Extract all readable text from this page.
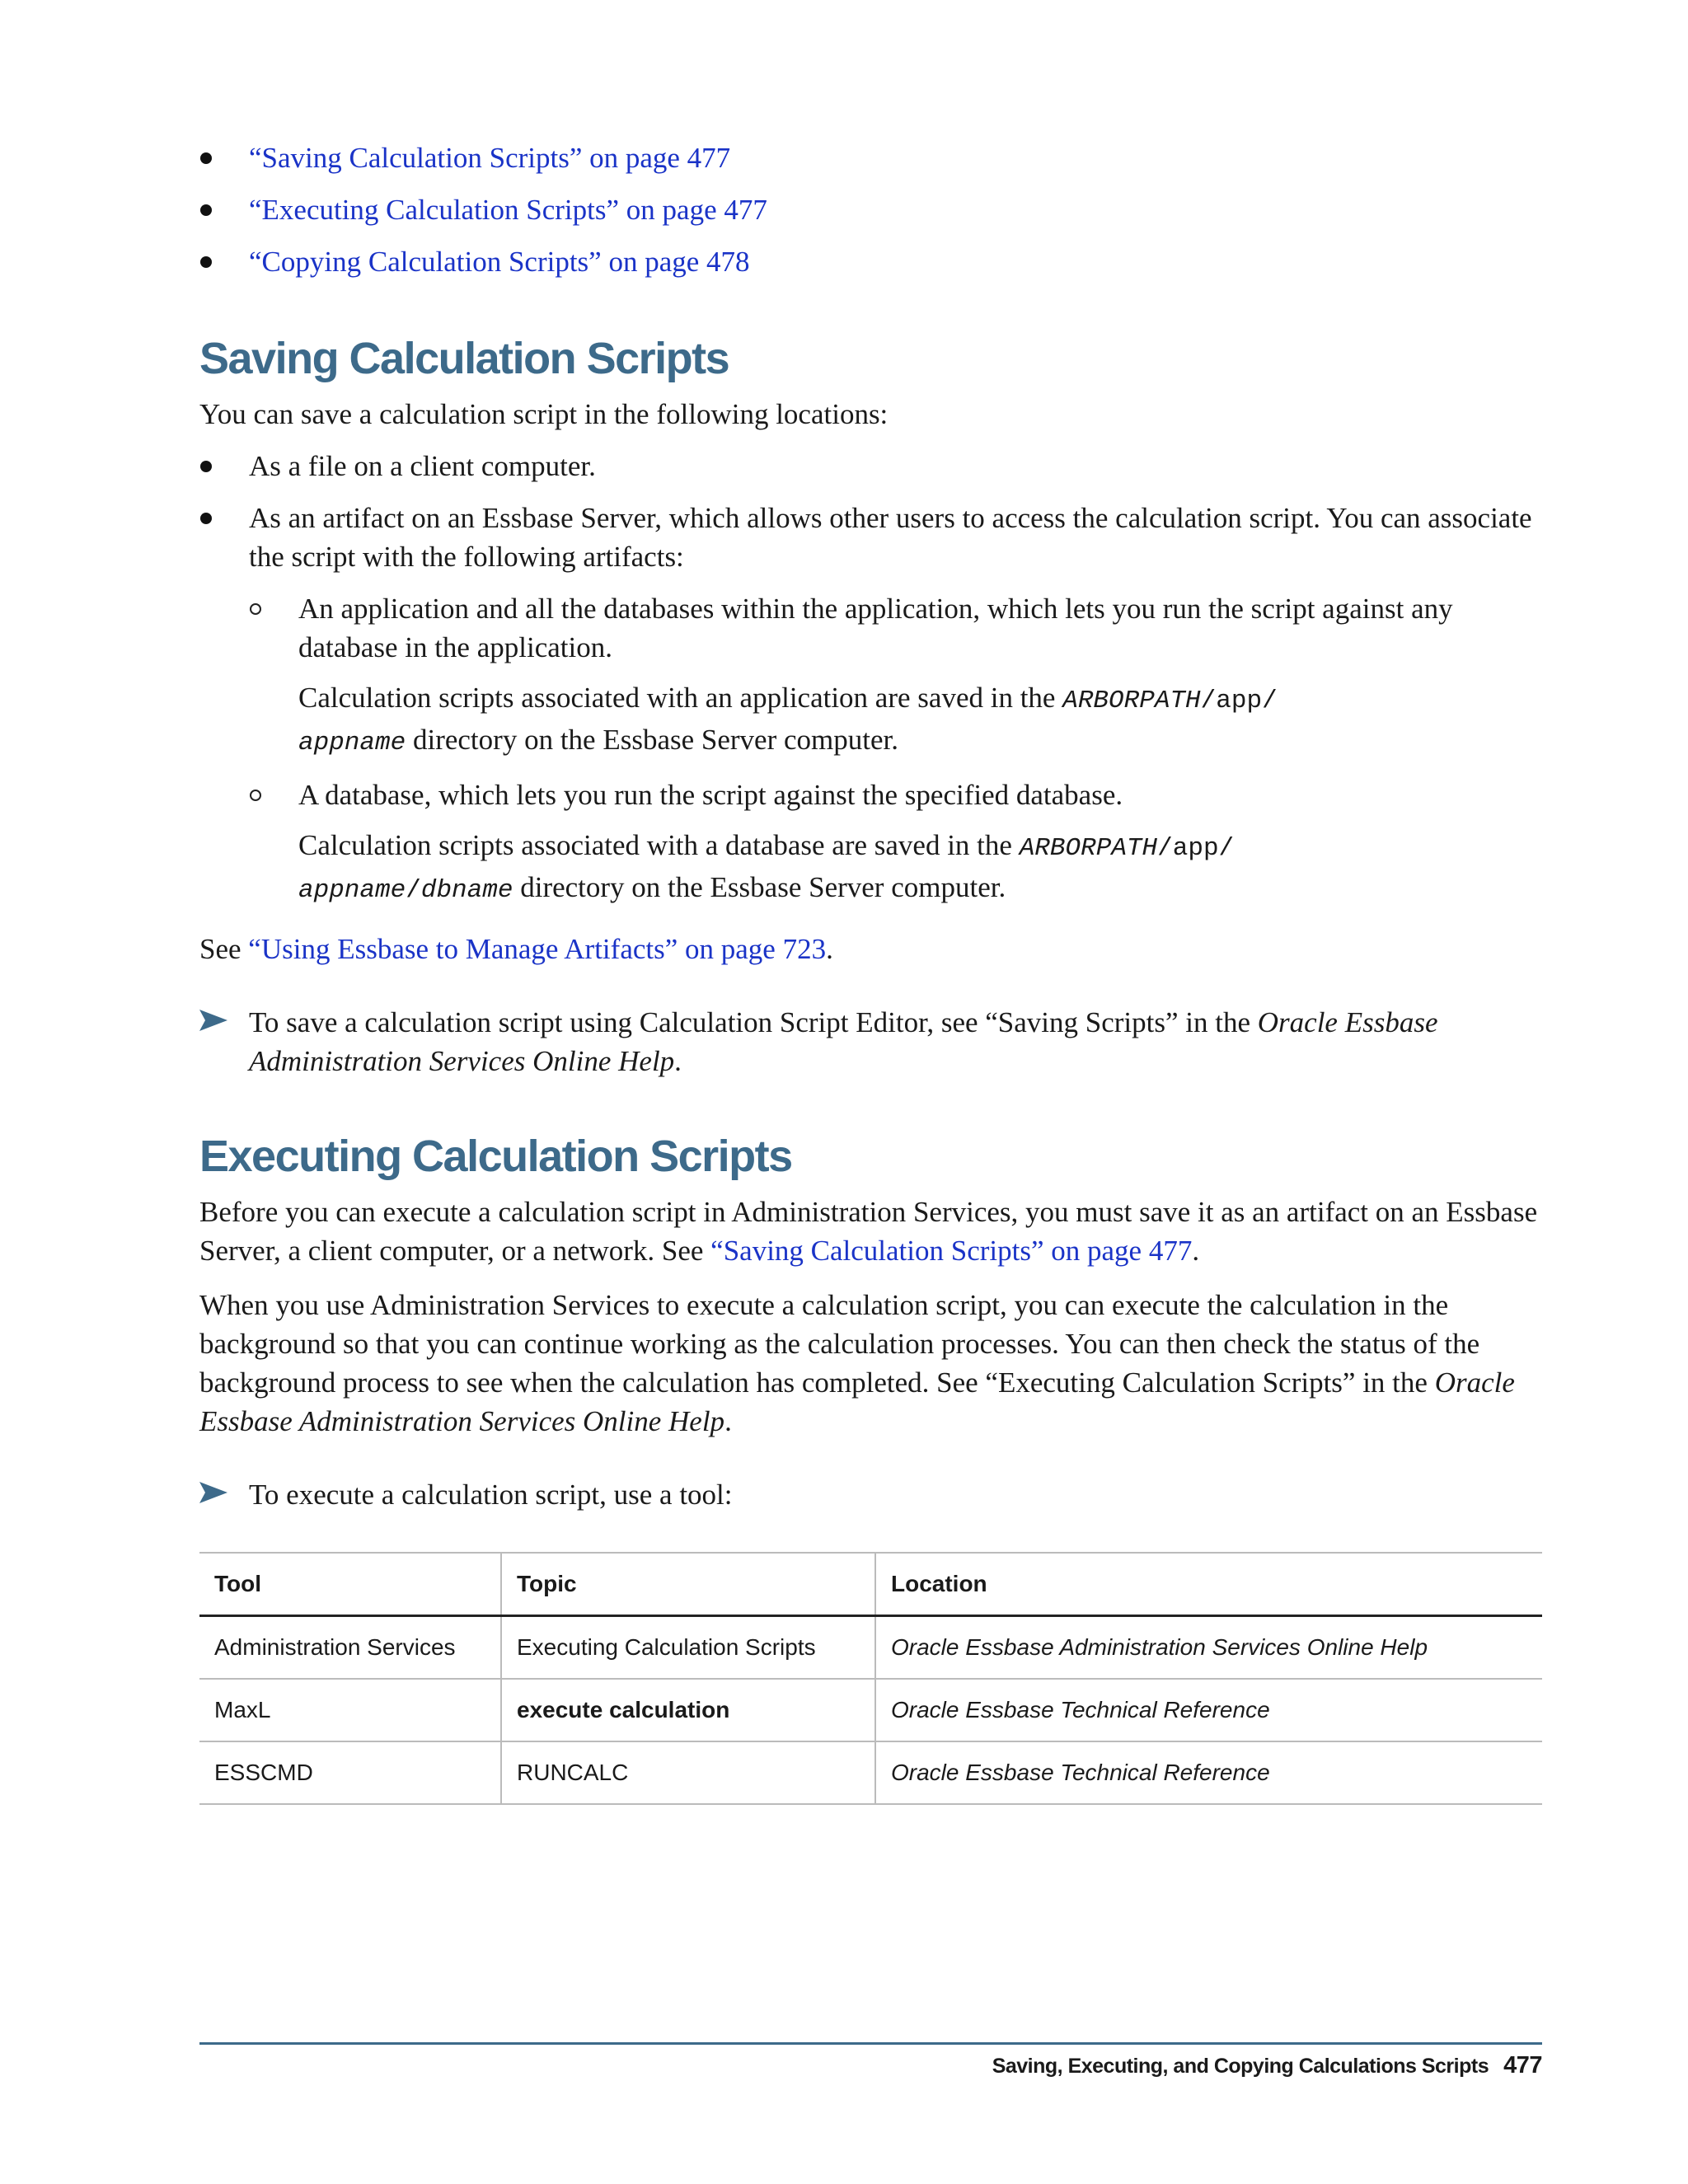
“Saving Calculation Scripts” on page 477
“Executing Calculation Scripts” on page 477
“Copying Calculation Scripts” on page 478
Saving Calculation Scripts

You can save a calculation script in the following locations:

As a file on a client computer.
As an artifact on an Essbase Server, which allows other users to access the calculation script. You can associate the script with the following artifacts:
An application and all the databases within the application, which lets you run the script against any database in the application.

Calculation scripts associated with an application are saved in the ARBORPATH/app/
appname directory on the Essbase Server computer.

A database, which lets you run the script against the specified database.

Calculation scripts associated with a database are saved in the ARBORPATH/app/
appname/dbname directory on the Essbase Server computer.

See “Using Essbase to Manage Artifacts” on page 723.

To save a calculation script using Calculation Script Editor, see “Saving Scripts” in the Oracle Essbase Administration Services Online Help.
Executing Calculation Scripts

Before you can execute a calculation script in Administration Services, you must save it as an artifact on an Essbase Server, a client computer, or a network. See “Saving Calculation Scripts” on page 477.

When you use Administration Services to execute a calculation script, you can execute the calculation in the background so that you can continue working as the calculation processes. You can then check the status of the background process to see when the calculation has completed. See “Executing Calculation Scripts” in the Oracle Essbase Administration Services Online Help.

To execute a calculation script, use a tool:
Tool	Topic	Location
Administration Services	Executing Calculation Scripts	Oracle Essbase Administration Services Online Help
MaxL	execute calculation	Oracle Essbase Technical Reference
ESSCMD	RUNCALC	Oracle Essbase Technical Reference
Saving, Executing, and Copying Calculations Scripts 477
